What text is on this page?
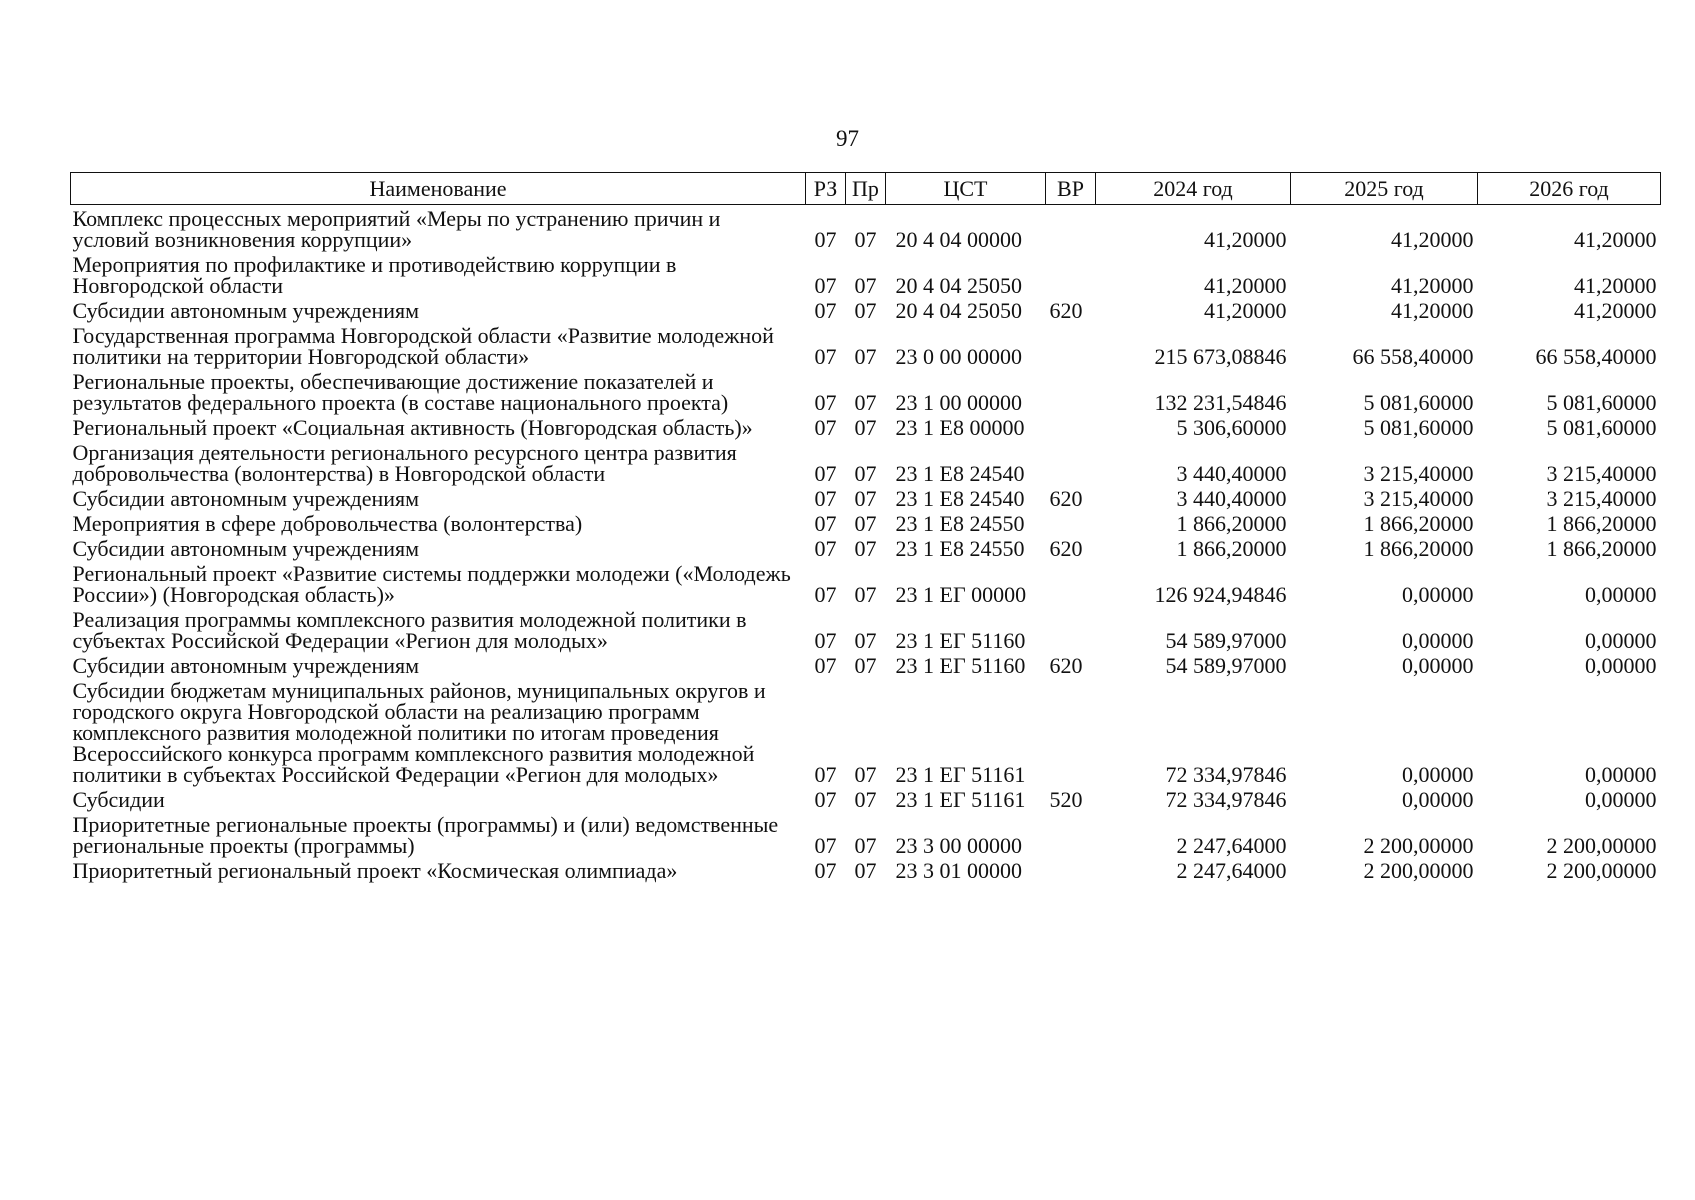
97
Наименование	РЗ	Пр	ЦСТ	ВР	2024 год	2025 год	2026 год
Комплекс процессных мероприятий «Меры по устранению причин и условий возникновения коррупции»	07	07	20 4 04 00000		41,20000	41,20000	41,20000
Мероприятия по профилактике и противодействию коррупции в Новгородской области	07	07	20 4 04 25050		41,20000	41,20000	41,20000
Субсидии автономным учреждениям	07	07	20 4 04 25050	620	41,20000	41,20000	41,20000
Государственная программа Новгородской области «Развитие молодежной политики на территории Новгородской области»	07	07	23 0 00 00000		215 673,08846	66 558,40000	66 558,40000
Региональные проекты, обеспечивающие достижение показателей и результатов федерального проекта (в составе национального проекта)	07	07	23 1 00 00000		132 231,54846	5 081,60000	5 081,60000
Региональный проект «Социальная активность (Новгородская область)»	07	07	23 1 E8 00000		5 306,60000	5 081,60000	5 081,60000
Организация деятельности регионального ресурсного центра развития добровольчества (волонтерства) в Новгородской области	07	07	23 1 E8 24540		3 440,40000	3 215,40000	3 215,40000
Субсидии автономным учреждениям	07	07	23 1 E8 24540	620	3 440,40000	3 215,40000	3 215,40000
Мероприятия в сфере добровольчества (волонтерства)	07	07	23 1 E8 24550		1 866,20000	1 866,20000	1 866,20000
Субсидии автономным учреждениям	07	07	23 1 E8 24550	620	1 866,20000	1 866,20000	1 866,20000
Региональный проект «Развитие системы поддержки молодежи («Молодежь России») (Новгородская область)»	07	07	23 1 ЕГ 00000		126 924,94846	0,00000	0,00000
Реализация программы комплексного развития молодежной политики в субъектах Российской Федерации «Регион для молодых»	07	07	23 1 ЕГ 51160		54 589,97000	0,00000	0,00000
Субсидии автономным учреждениям	07	07	23 1 ЕГ 51160	620	54 589,97000	0,00000	0,00000
Субсидии бюджетам муниципальных районов, муниципальных округов и городского округа Новгородской области на реализацию программ комплексного развития молодежной политики по итогам проведения Всероссийского конкурса программ комплексного развития молодежной политики в субъектах Российской Федерации «Регион для молодых»	07	07	23 1 ЕГ 51161		72 334,97846	0,00000	0,00000
Субсидии	07	07	23 1 ЕГ 51161	520	72 334,97846	0,00000	0,00000
Приоритетные региональные проекты (программы) и (или) ведомственные региональные проекты (программы)	07	07	23 3 00 00000		2 247,64000	2 200,00000	2 200,00000
Приоритетный региональный проект «Космическая олимпиада»	07	07	23 3 01 00000		2 247,64000	2 200,00000	2 200,00000
